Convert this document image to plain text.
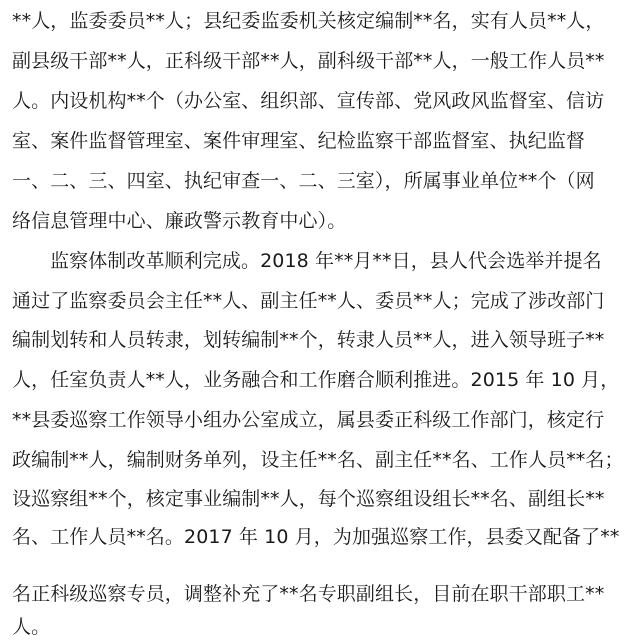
**人，监委委员**人；县纪委监委机关核定编制**名，实有人员**人，
副县级干部**人，正科级干部**人，副科级干部**人，一般工作人员**
人。内设机构**个（办公室、组织部、宣传部、党风政风监督室、信访
室、案件监督管理室、案件审理室、纪检监察干部监督室、执纪监督
一、二、三、四室、执纪审查一、二、三室），所属事业单位**个（网
络信息管理中心、廉政警示教育中心）。
监察体制改革顺利完成。2018 年**月**日，县人代会选举并提名
通过了监察委员会主任**人、副主任**人、委员**人；完成了涉改部门
编制划转和人员转隶，划转编制**个，转隶人员**人，进入领导班子**
人，任室负责人**人，业务融合和工作磨合顺利推进。2015 年 10 月，
**县委巡察工作领导小组办公室成立，属县委正科级工作部门，核定行
政编制**人，编制财务单列，设主任**名、副主任**名、工作人员**名；
设巡察组**个，核定事业编制**人，每个巡察组设组长**名、副组长**
名、工作人员**名。2017 年 10 月，为加强巡察工作，县委又配备了**
名正科级巡察专员，调整补充了**名专职副组长，目前在职干部职工**
人。
